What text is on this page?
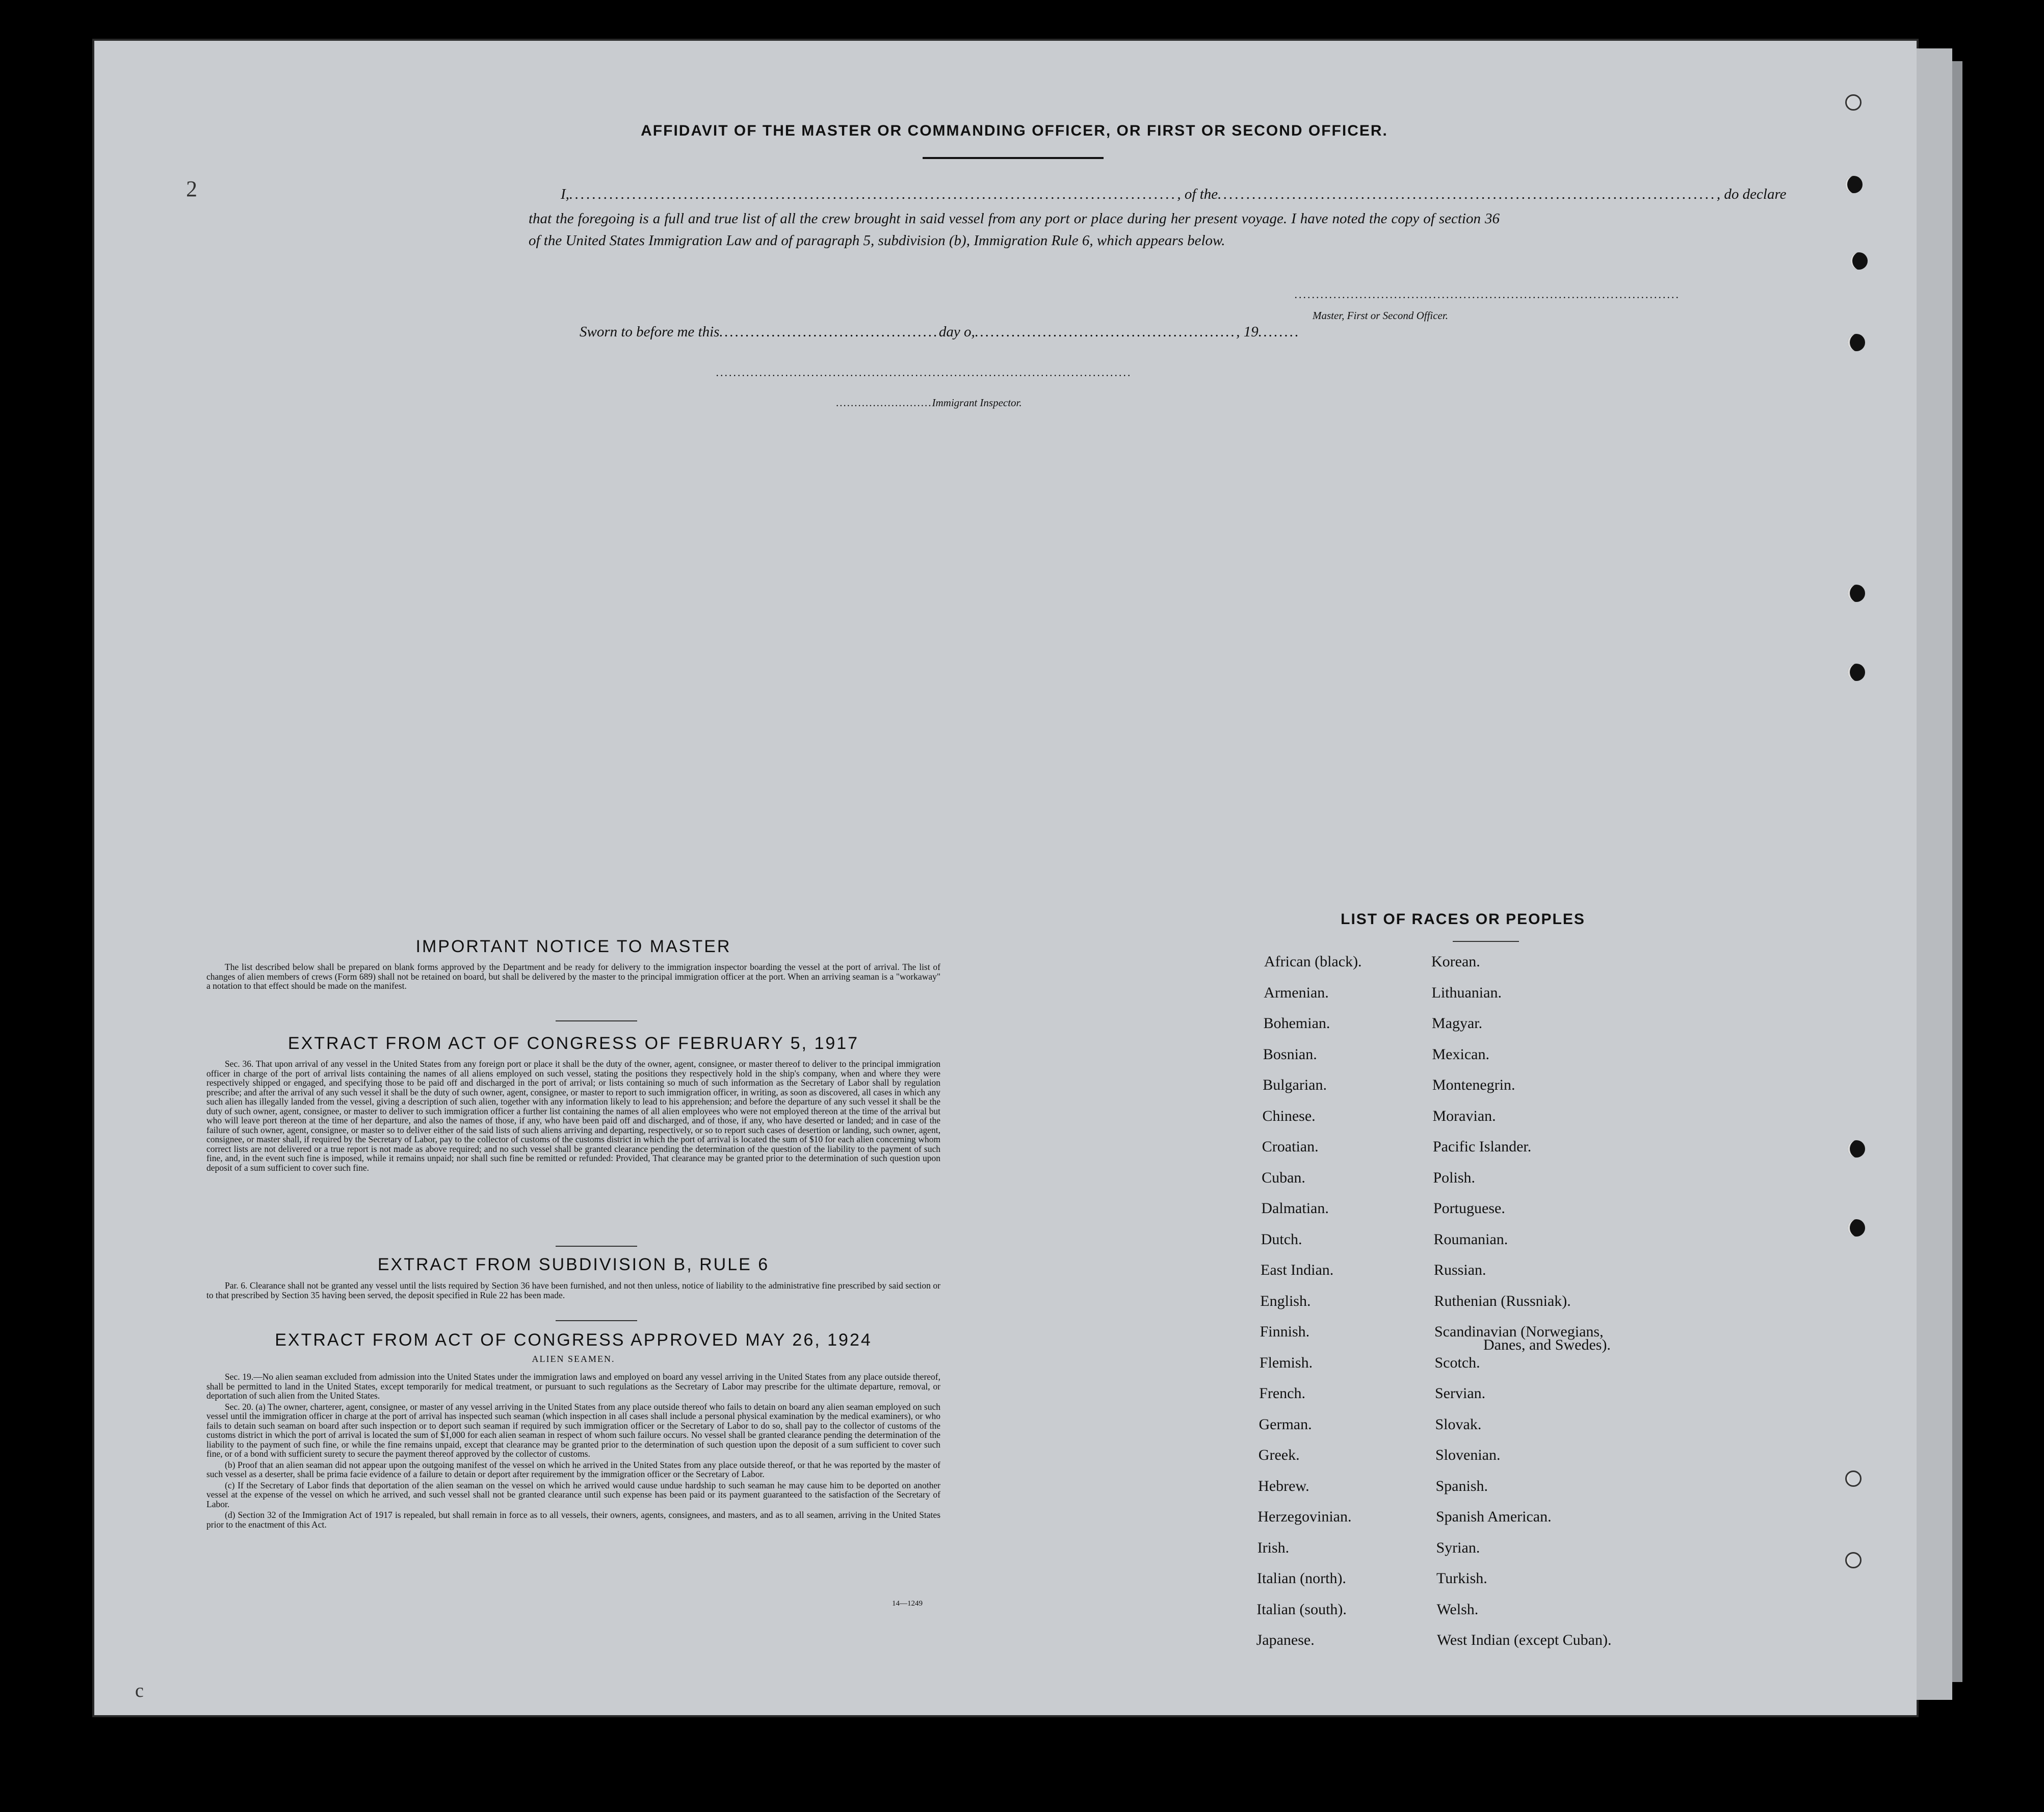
2
c
AFFIDAVIT OF THE MASTER OR COMMANDING OFFICER, OR FIRST OR SECOND OFFICER.
I,.........................................................................................................., of the......................................................................................., do declare
that the foregoing is a full and true list of all the crew brought in said vessel from any port or place during her present voyage. I have noted the copy of section 36 of the United States Immigration Law and of paragraph 5, subdivision (b), Immigration Rule 6, which appears below.
.........................................................................................
Master, First or Second Officer.
Sworn to before me this..........................................day o,.................................................., 19........
................................................................................................
..........................Immigrant Inspector.
IMPORTANT NOTICE TO MASTER

The list described below shall be prepared on blank forms approved by the Department and be ready for delivery to the immigration inspector boarding the vessel at the port of arrival. The list of changes of alien members of crews (Form 689) shall not be retained on board, but shall be delivered by the master to the principal immigration officer at the port. When an arriving seaman is a "workaway" a notation to that effect should be made on the manifest.

EXTRACT FROM ACT OF CONGRESS OF FEBRUARY 5, 1917

Sec. 36. That upon arrival of any vessel in the United States from any foreign port or place it shall be the duty of the owner, agent, consignee, or master thereof to deliver to the principal immigration officer in charge of the port of arrival lists containing the names of all aliens employed on such vessel, stating the positions they respectively hold in the ship's company, when and where they were respectively shipped or engaged, and specifying those to be paid off and discharged in the port of arrival; or lists containing so much of such information as the Secretary of Labor shall by regulation prescribe; and after the arrival of any such vessel it shall be the duty of such owner, agent, consignee, or master to report to such immigration officer, in writing, as soon as discovered, all cases in which any such alien has illegally landed from the vessel, giving a description of such alien, together with any information likely to lead to his apprehension; and before the departure of any such vessel it shall be the duty of such owner, agent, consignee, or master to deliver to such immigration officer a further list containing the names of all alien employees who were not employed thereon at the time of the arrival but who will leave port thereon at the time of her departure, and also the names of those, if any, who have been paid off and discharged, and of those, if any, who have deserted or landed; and in case of the failure of such owner, agent, consignee, or master so to deliver either of the said lists of such aliens arriving and departing, respectively, or so to report such cases of desertion or landing, such owner, agent, consignee, or master shall, if required by the Secretary of Labor, pay to the collector of customs of the customs district in which the port of arrival is located the sum of $10 for each alien concerning whom correct lists are not delivered or a true report is not made as above required; and no such vessel shall be granted clearance pending the determination of the question of the liability to the payment of such fine, and, in the event such fine is imposed, while it remains unpaid; nor shall such fine be remitted or refunded: Provided, That clearance may be granted prior to the determination of such question upon deposit of a sum sufficient to cover such fine.

EXTRACT FROM SUBDIVISION B, RULE 6

Par. 6. Clearance shall not be granted any vessel until the lists required by Section 36 have been furnished, and not then unless, notice of liability to the administrative fine prescribed by said section or to that prescribed by Section 35 having been served, the deposit specified in Rule 22 has been made.

EXTRACT FROM ACT OF CONGRESS APPROVED MAY 26, 1924
ALIEN SEAMEN.

Sec. 19.—No alien seaman excluded from admission into the United States under the immigration laws and employed on board any vessel arriving in the United States from any place outside thereof, shall be permitted to land in the United States, except temporarily for medical treatment, or pursuant to such regulations as the Secretary of Labor may prescribe for the ultimate departure, removal, or deportation of such alien from the United States.

Sec. 20. (a) The owner, charterer, agent, consignee, or master of any vessel arriving in the United States from any place outside thereof who fails to detain on board any alien seaman employed on such vessel until the immigration officer in charge at the port of arrival has inspected such seaman (which inspection in all cases shall include a personal physical examination by the medical examiners), or who fails to detain such seaman on board after such inspection or to deport such seaman if required by such immigration officer or the Secretary of Labor to do so, shall pay to the collector of customs of the customs district in which the port of arrival is located the sum of $1,000 for each alien seaman in respect of whom such failure occurs. No vessel shall be granted clearance pending the determination of the liability to the payment of such fine, or while the fine remains unpaid, except that clearance may be granted prior to the determination of such question upon the deposit of a sum sufficient to cover such fine, or of a bond with sufficient surety to secure the payment thereof approved by the collector of customs.

(b) Proof that an alien seaman did not appear upon the outgoing manifest of the vessel on which he arrived in the United States from any place outside thereof, or that he was reported by the master of such vessel as a deserter, shall be prima facie evidence of a failure to detain or deport after requirement by the immigration officer or the Secretary of Labor.

(c) If the Secretary of Labor finds that deportation of the alien seaman on the vessel on which he arrived would cause undue hardship to such seaman he may cause him to be deported on another vessel at the expense of the vessel on which he arrived, and such vessel shall not be granted clearance until such expense has been paid or its payment guaranteed to the satisfaction of the Secretary of Labor.

(d) Section 32 of the Immigration Act of 1917 is repealed, but shall remain in force as to all vessels, their owners, agents, consignees, and masters, and as to all seamen, arriving in the United States prior to the enactment of this Act.

14—1249
LIST OF RACES OR PEOPLES
African (black).
Armenian.
Bohemian.
Bosnian.
Bulgarian.
Chinese.
Croatian.
Cuban.
Dalmatian.
Dutch.
East Indian.
English.
Finnish.
Flemish.
French.
German.
Greek.
Hebrew.
Herzegovinian.
Irish.
Italian (north).
Italian (south).
Japanese.
Korean.
Lithuanian.
Magyar.
Mexican.
Montenegrin.
Moravian.
Pacific Islander.
Polish.
Portuguese.
Roumanian.
Russian.
Ruthenian (Russniak).
Scandinavian (Norwegians,
Scotch.
Servian.
Slovak.
Slovenian.
Spanish.
Spanish American.
Syrian.
Turkish.
Welsh.
West Indian (except Cuban).
Danes, and Swedes).
